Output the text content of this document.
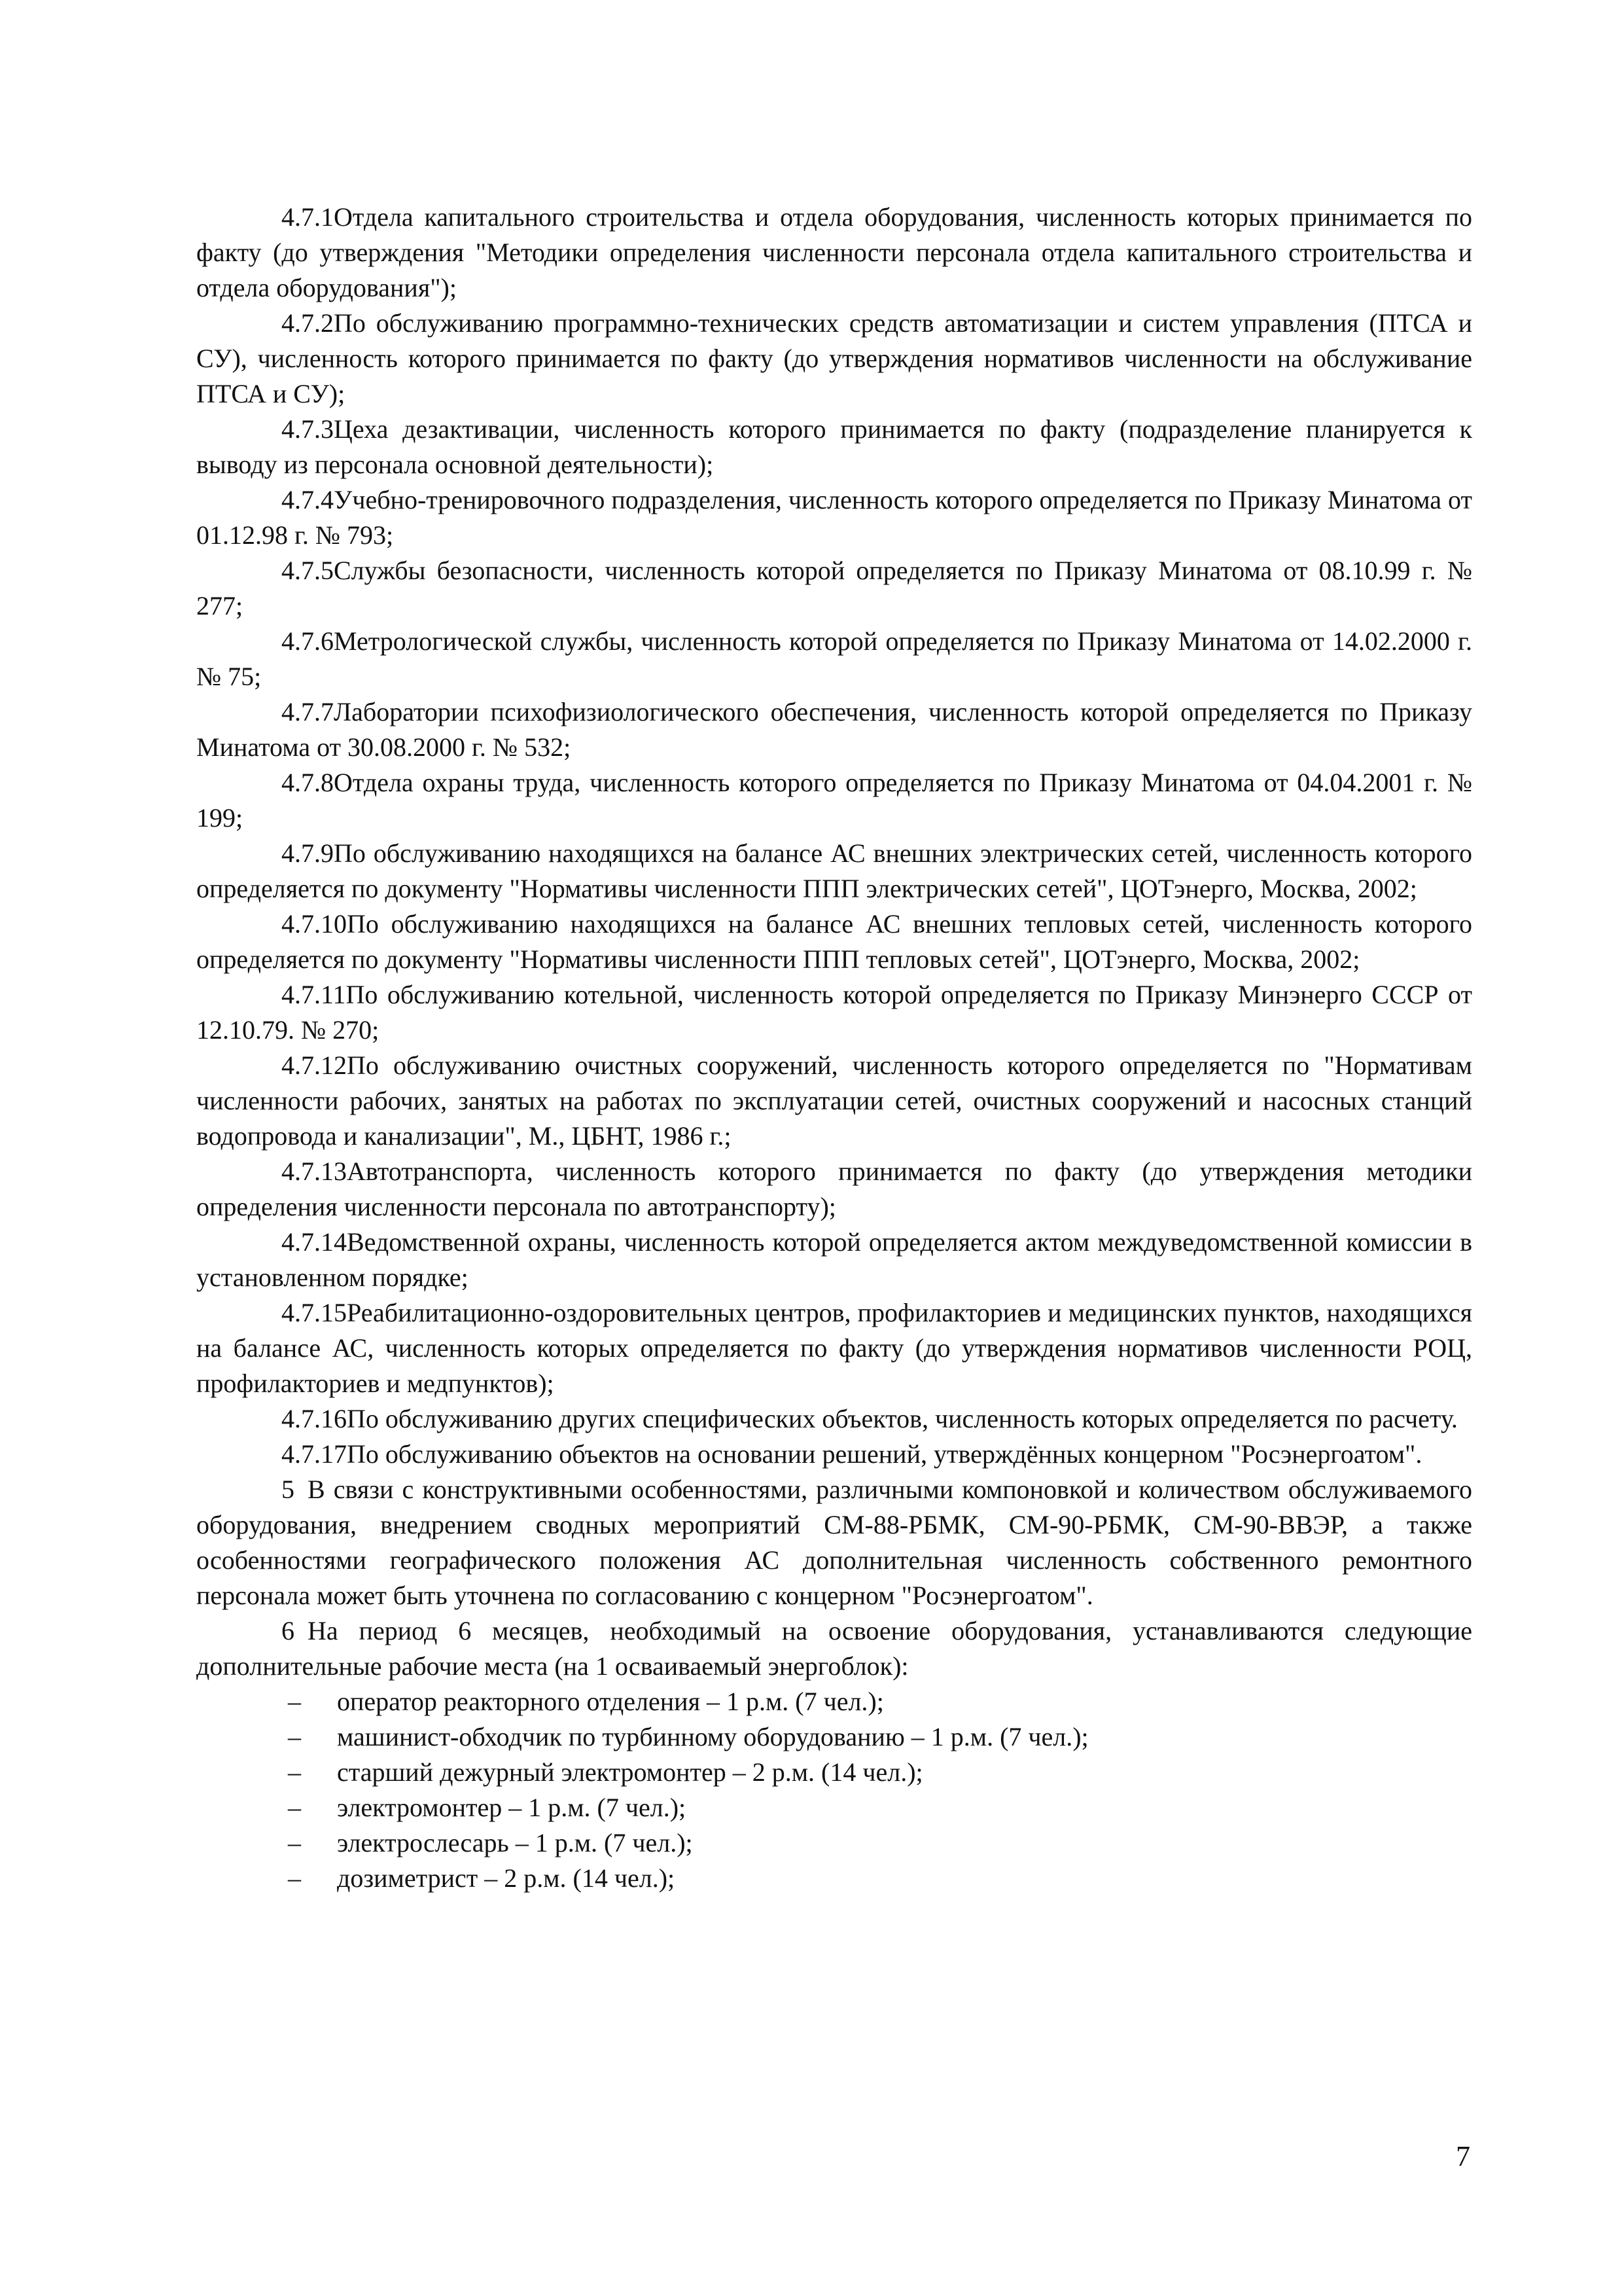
4.7.1Отдела капитального строительства и отдела оборудования, численность которых принимается по факту (до утверждения "Методики определения численности персонала отдела капитального строительства и отдела оборудования");

4.7.2По обслуживанию программно-технических средств автоматизации и систем управления (ПТСА и СУ), численность которого принимается по факту (до утверждения нормативов численности на обслуживание ПТСА и СУ);

4.7.3Цеха дезактивации, численность которого принимается по факту (подразделение планируется к выводу из персонала основной деятельности);

4.7.4Учебно-тренировочного подразделения, численность которого определяется по Приказу Минатома от 01.12.98 г. № 793;

4.7.5Службы безопасности, численность которой определяется по Приказу Минатома от 08.10.99 г. № 277;

4.7.6Метрологической службы, численность которой определяется по Приказу Минатома от 14.02.2000 г. № 75;

4.7.7Лаборатории психофизиологического обеспечения, численность которой определяется по Приказу Минатома от 30.08.2000 г. № 532;

4.7.8Отдела охраны труда, численность которого определяется по Приказу Минатома от 04.04.2001 г. № 199;

4.7.9По обслуживанию находящихся на балансе АС внешних электрических сетей, численность которого определяется по документу "Нормативы численности ППП электрических сетей", ЦОТэнерго, Москва, 2002;

4.7.10По обслуживанию находящихся на балансе АС внешних тепловых сетей, численность которого определяется по документу "Нормативы численности ППП тепловых сетей", ЦОТэнерго, Москва, 2002;

4.7.11По обслуживанию котельной, численность которой определяется по Приказу Минэнерго СССР от 12.10.79. № 270;

4.7.12По обслуживанию очистных сооружений, численность которого определяется по "Нормативам численности рабочих, занятых на работах по эксплуатации сетей, очистных сооружений и насосных станций водопровода и канализации", М., ЦБНТ, 1986 г.;

4.7.13Автотранспорта, численность которого принимается по факту (до утверждения методики определения численности персонала по автотранспорту);

4.7.14Ведомственной охраны, численность которой определяется актом междуведомственной комиссии в установленном порядке;

4.7.15Реабилитационно-оздоровительных центров, профилакториев и медицинских пунктов, находящихся на балансе АС, численность которых определяется по факту (до утверждения нормативов численности РОЦ, профилакториев и медпунктов);

4.7.16По обслуживанию других специфических объектов, численность которых определяется по расчету.

4.7.17По обслуживанию объектов на основании решений, утверждённых концерном "Росэнергоатом".

5 В связи с конструктивными особенностями, различными компоновкой и количеством обслуживаемого оборудования, внедрением сводных мероприятий СМ-88-РБМК, СМ-90-РБМК, СМ-90-ВВЭР, а также особенностями географического положения АС дополнительная численность собственного ремонтного персонала может быть уточнена по согласованию с концерном "Росэнергоатом".

6 На период 6 месяцев, необходимый на освоение оборудования, устанавливаются следующие дополнительные рабочие места (на 1 осваиваемый энергоблок):

–	оператор реакторного отделения – 1 р.м. (7 чел.);
–	машинист-обходчик по турбинному оборудованию – 1 р.м. (7 чел.);
–	старший дежурный электромонтер – 2 р.м. (14 чел.);
–	электромонтер – 1 р.м. (7 чел.);
–	электрослесарь – 1 р.м. (7 чел.);
–	дозиметрист – 2 р.м. (14 чел.);
7
